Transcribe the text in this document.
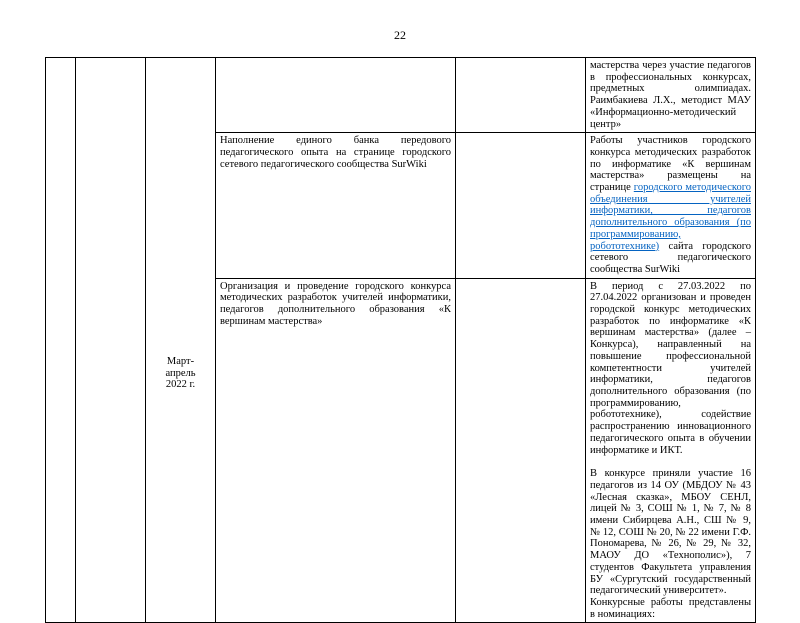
22

		Март-апрель 2022 г.			мастерства через участие педагогов в профессиональных конкурсах, предметных олимпиадах. Раимбакиева Л.Х., методист МАУ «Информационно-методический центр»

			Наполнение единого банка передового педагогического опыта на странице городского сетевого педагогического сообщества SurWiki		Работы участников городского конкурса методических разработок по информатике «К вершинам мастерства» размещены на странице городского методического объединения учителей информатики, педагогов дополнительного образования (по программированию, робототехнике) сайта городского сетевого педагогического сообщества SurWiki

			Организация и проведение городского конкурса методических разработок учителей информатики, педагогов дополнительного образования «К вершинам мастерства»		В период с 27.03.2022 по 27.04.2022 организован и проведен городской конкурс методических разработок по информатике «К вершинам мастерства» (далее – Конкурса), направленный на повышение профессиональной компетентности учителей информатики, педагогов дополнительного образования (по программированию, робототехнике), содействие распространению инновационного педагогического опыта в обучении информатике и ИКТ.

В конкурсе приняли участие 16 педагогов из 14 ОУ (МБДОУ № 43 «Лесная сказка», МБОУ СЕНЛ, лицей № 3, СОШ № 1, № 7, № 8 имени Сибирцева А.Н., СШ № 9, № 12, СОШ № 20, № 22 имени Г.Ф. Пономарева, № 26, № 29, № 32, МАОУ ДО «Технополис»), 7 студентов Факультета управления БУ «Сургутский государственный педагогический университет».

Конкурсные работы представлены в номинациях:
